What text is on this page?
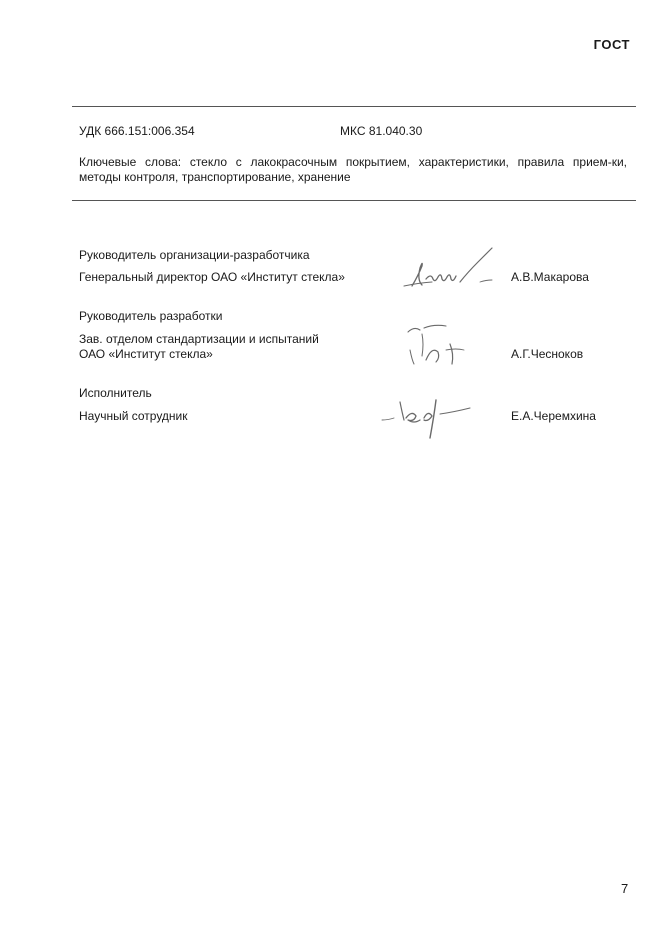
ГОСТ
УДК 666.151:006.354	МКС 81.040.30
Ключевые слова: стекло с лакокрасочным покрытием, характеристики, правила прием-ки, методы контроля, транспортирование, хранение
Руководитель организации-разработчика
Генеральный директор ОАО «Институт стекла»	А.В.Макарова
Руководитель разработки
Зав. отделом стандартизации и испытаний
ОАО «Институт стекла»	А.Г.Чесноков
Исполнитель
Научный сотрудник	Е.А.Черемхина
7
